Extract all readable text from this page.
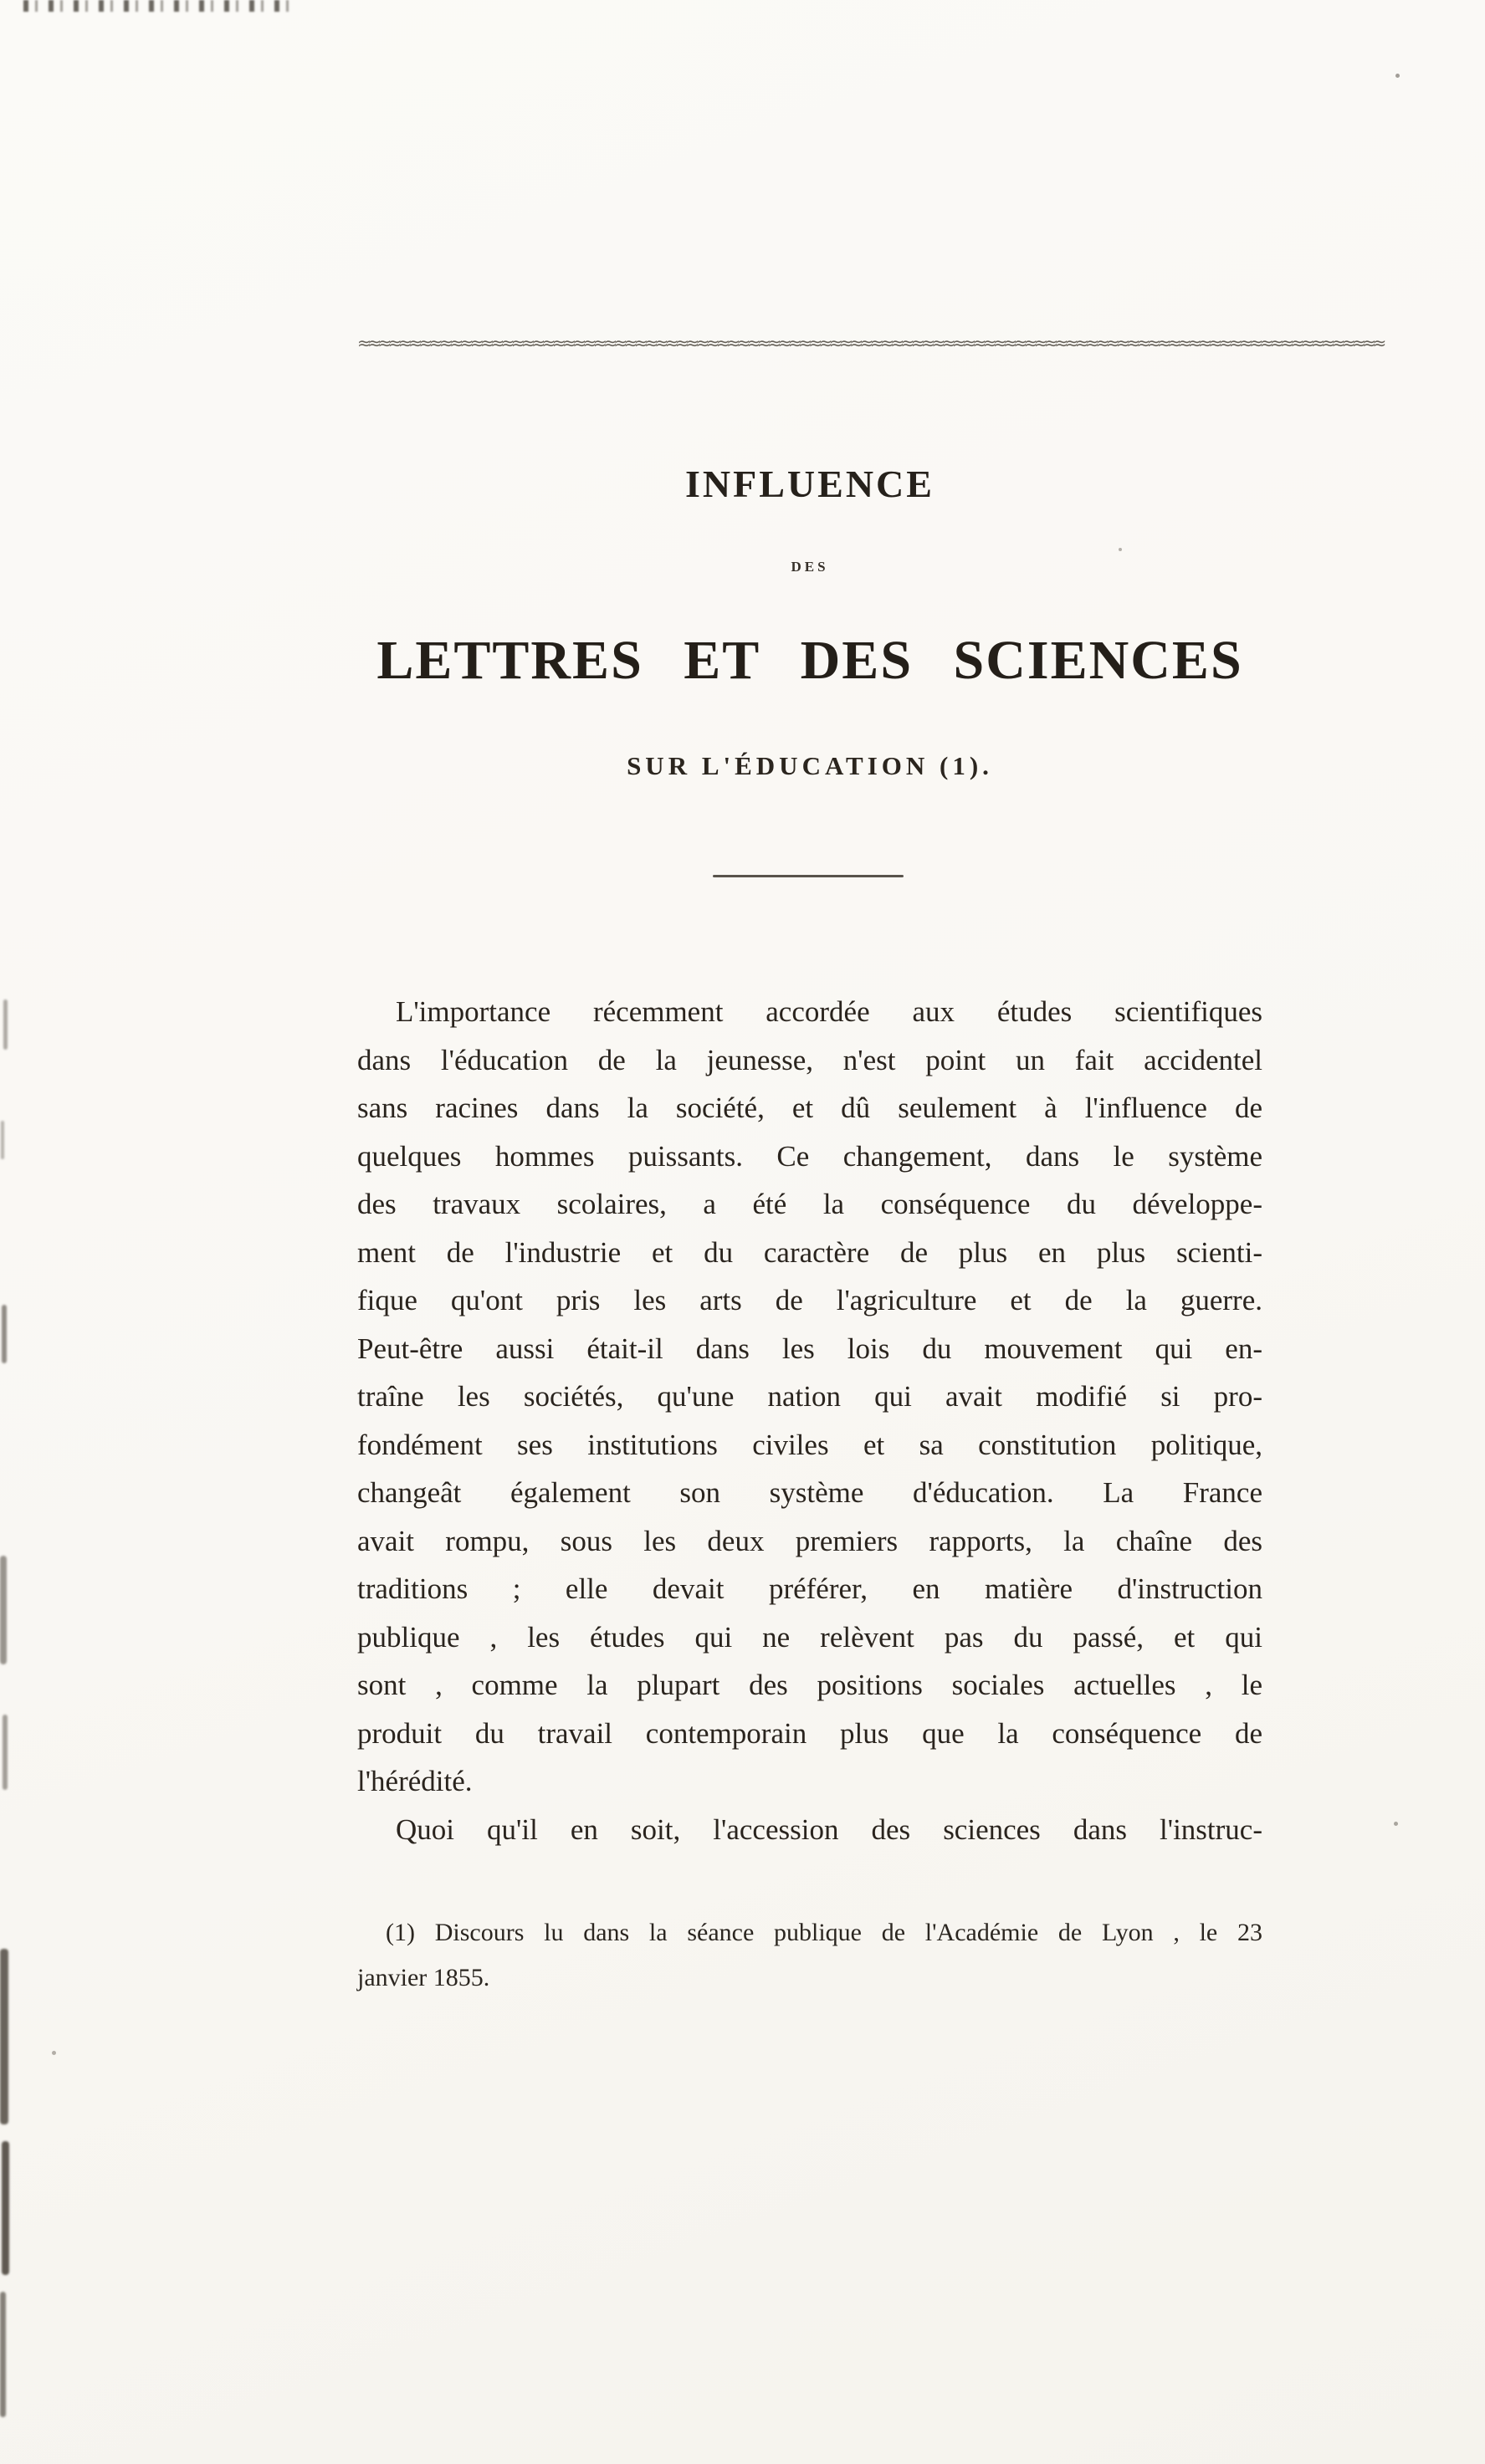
≈≈≈≈≈≈≈≈≈≈≈≈≈≈≈≈≈≈≈≈≈≈≈≈≈≈≈≈≈≈≈≈≈≈≈≈≈≈≈≈≈≈≈≈≈≈≈≈≈≈≈≈≈≈≈≈≈≈≈≈≈≈≈≈≈≈≈≈≈≈≈≈≈≈≈≈≈≈≈≈≈≈≈≈≈≈≈≈≈≈≈≈≈≈≈≈≈≈≈≈
INFLUENCE
DES
LETTRES ET DES SCIENCES
SUR L'ÉDUCATION (1).
L'importance récemment accordée aux études scientifiques
dans l'éducation de la jeunesse, n'est point un fait accidentel
sans racines dans la société, et dû seulement à l'influence de
quelques hommes puissants. Ce changement, dans le système
des travaux scolaires, a été la conséquence du développe-
ment de l'industrie et du caractère de plus en plus scienti-
fique qu'ont pris les arts de l'agriculture et de la guerre.
Peut-être aussi était-il dans les lois du mouvement qui en-
traîne les sociétés, qu'une nation qui avait modifié si pro-
fondément ses institutions civiles et sa constitution politique,
changeât également son système d'éducation. La France
avait rompu, sous les deux premiers rapports, la chaîne des
traditions ; elle devait préférer, en matière d'instruction
publique , les études qui ne relèvent pas du passé, et qui
sont , comme la plupart des positions sociales actuelles , le
produit du travail contemporain plus que la conséquence de
l'hérédité.
Quoi qu'il en soit, l'accession des sciences dans l'instruc-
(1) Discours lu dans la séance publique de l'Académie de Lyon , le 23
janvier 1855.
